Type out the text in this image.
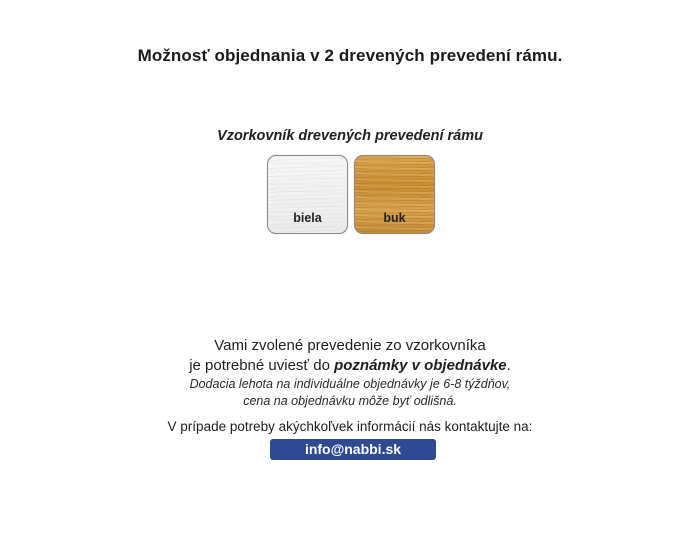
Možnosť objednania v 2 drevených prevedení rámu.
Vzorkovník drevených prevedení rámu
biela	buk
Vami zvolené prevedenie zo vzorkovníka
je potrebné uviesť do poznámky v objednávke.
Dodacia lehota na individuálne objednávky je 6-8 týždňov,
cena na objednávku môže byť odlišná.
V prípade potreby akýchkoľvek informácií nás kontaktujte na:
info@nabbi.sk
